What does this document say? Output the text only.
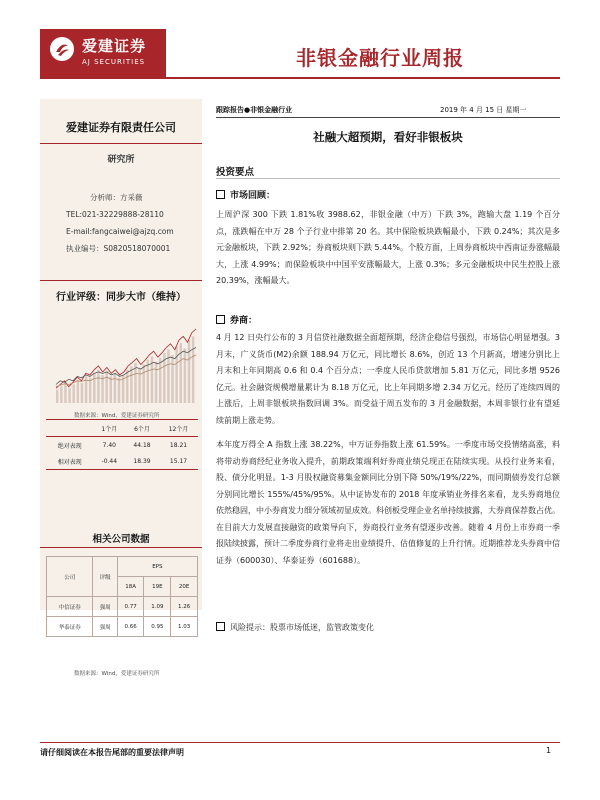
爱建证券
AJ SECURITIES	非银金融行业周报
爱建证券有限责任公司
研究所
分析师：方采薇
TEL:021-32229888-28110
E-mail:fangcaiwei@ajzq.com
执业编号：S0820518070001
行业评级：同步大市（维持）
数据来源：Wind，爱建证券研究所
	1个月	6个月	12个月
绝对表现	7.40	44.18	18.21
相对表现	-0.44	18.39	15.17
相关公司数据
公司	评级	EPS		
		18A	19E	20E
中信证券	强周	0.77	1.09	1.26
华泰证券	强周	0.66	0.95	1.03
数据来源：Wind，爱建证券研究所
跟踪报告●非银金融行业	2019 年 4 月 15 日 星期一
社融大超预期，看好非银板块
投资要点
市场回顾：

上周沪深 300 下跌 1.81%收 3988.62，非银金融（中万）下跌 3%，跑输大盘 1.19 个百分点，涨跌幅在中万 28 个子行业中排第 20 名。其中保险板块跌幅最小，下跌 0.24%；其次是多元金融板块，下跌 2.92%；券商板块则下跌 5.44%。个股方面，上周券商板块中西南证券涨幅最大，上涨 4.99%；而保险板块中中国平安涨幅最大，上涨 0.3%；多元金融板块中民生控股上涨 20.39%，涨幅最大。

券商：

4 月 12 日央行公布的 3 月信贷社融数据全面超预期，经济企稳信号强烈，市场信心明显增强。3 月末，广义货币(M2)余额 188.94 万亿元，同比增长 8.6%，创近 13 个月新高，增速分别比上月末和上年同期高 0.6 和 0.4 个百分点；一季度人民币贷款增加 5.81 万亿元，同比多增 9526 亿元。社会融资规模增量累计为 8.18 万亿元，比上年同期多增 2.34 万亿元。经历了连续四周的上涨后，上周非银板块指数回调 3%。而受益于周五发布的 3 月金融数据，本周非银行业有望延续前期上涨走势。

本年度万得全 A 指数上涨 38.22%，中万证券指数上涨 61.59%。一季度市场交投情绪高涨，料将带动券商经纪业务收入提升，前期政策端利好券商业绩兑现正在陆续实现。从投行业务来看，股、债分化明显。1-3 月股权融资募集金额同比分别下降 50%/19%/22%，而同期债券发行总额分别同比增长 155%/45%/95%。从中证协发布的 2018 年度承销业务排名来看，龙头券商地位依然稳固，中小券商发力细分领域初显成效。科创板受理企业名单持续披露，大券商保荐数占优。在目前大力发展直接融资的政策导向下，券商投行业务有望逐步改善。随着 4 月份上市券商一季报陆续披露，预计二季度券商行业将走出业绩提升、估值修复的上升行情。近期推荐龙头券商中信证券（600030）、华泰证券（601688）。

风险提示：股票市场低迷，监管政策变化
请仔细阅读在本报告尾部的重要法律声明	1
